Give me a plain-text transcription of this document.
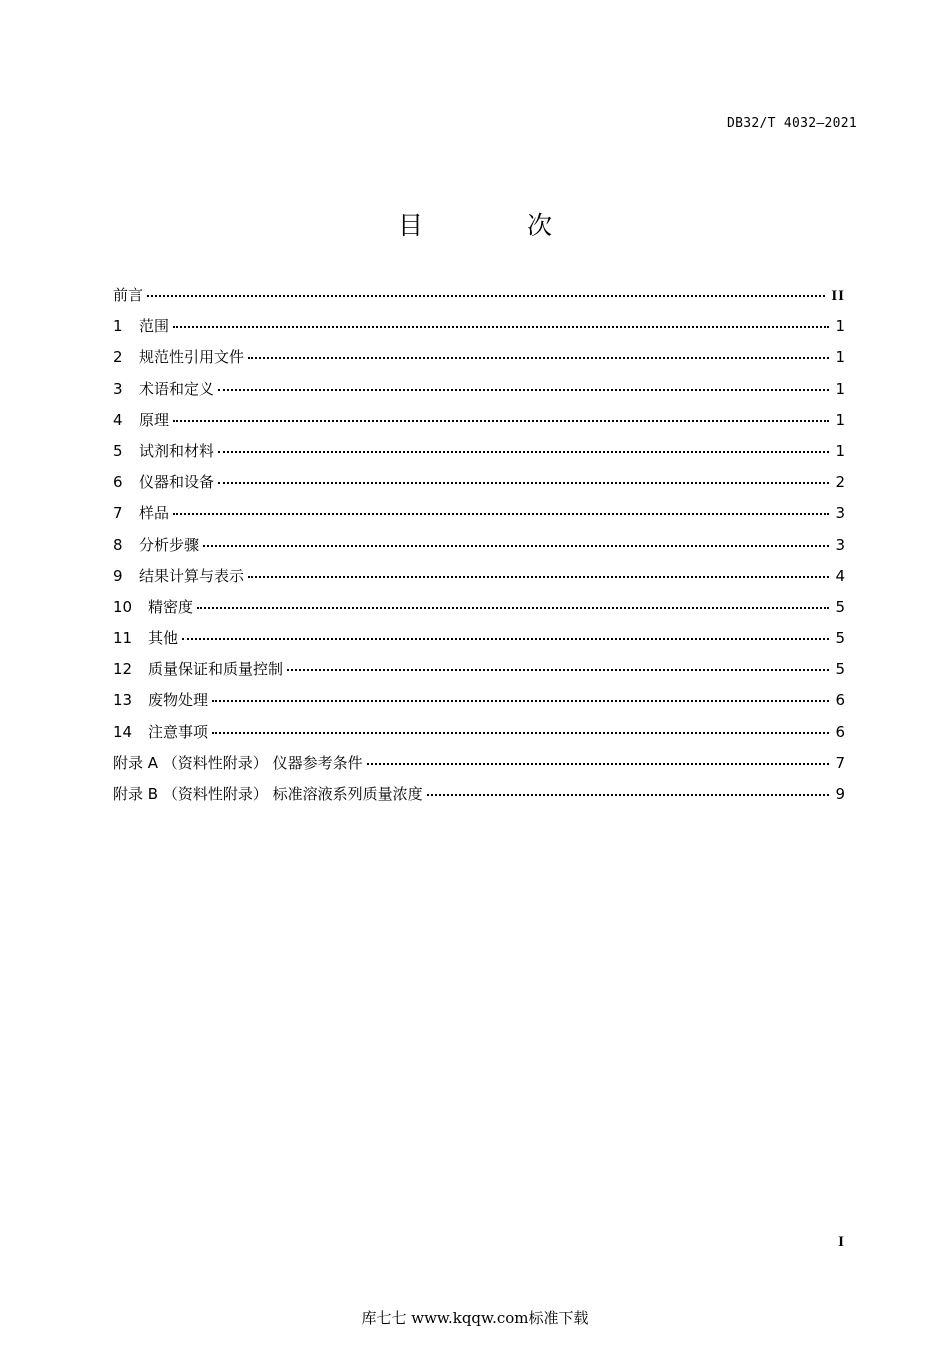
DB32/T 4032—2021
目 次
前言	II
1	范围	1
2	规范性引用文件	1
3	术语和定义	1
4	原理	1
5	试剂和材料	1
6	仪器和设备	2
7	样品	3
8	分析步骤	3
9	结果计算与表示	4
10	精密度	5
11	其他	5
12	质量保证和质量控制	5
13	废物处理	6
14	注意事项	6
附录 A （资料性附录） 仪器参考条件	7
附录 B （资料性附录） 标准溶液系列质量浓度	9
I
库七七 www.kqqw.com标准下载
